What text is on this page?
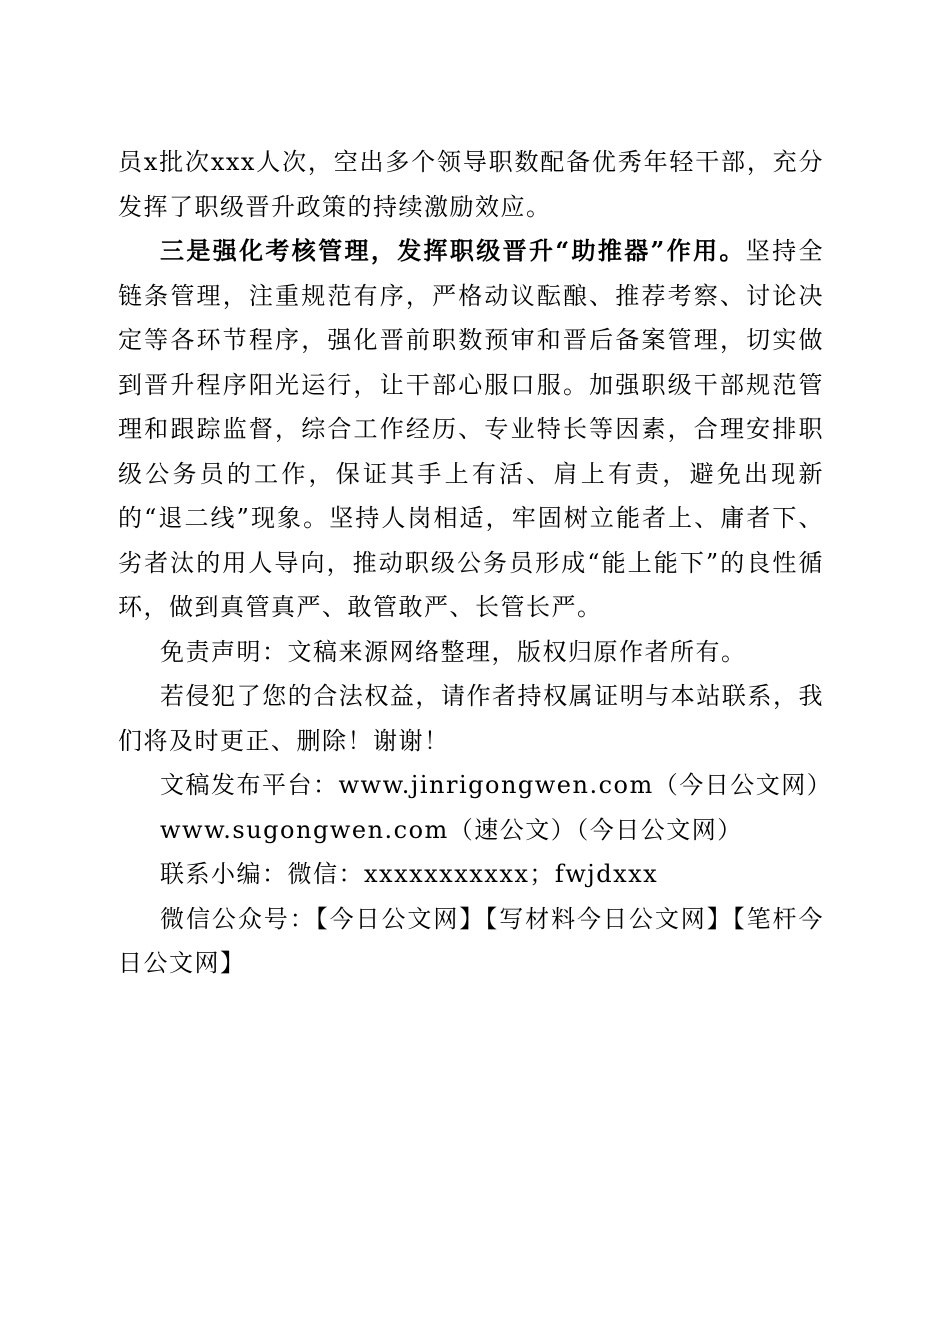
员x批次xxx人次，空出多个领导职数配备优秀年轻干部，充分发挥了职级晋升政策的持续激励效应。

三是强化考核管理，发挥职级晋升“助推器”作用。坚持全链条管理，注重规范有序，严格动议酝酿、推荐考察、讨论决定等各环节程序，强化晋前职数预审和晋后备案管理，切实做到晋升程序阳光运行，让干部心服口服。加强职级干部规范管理和跟踪监督，综合工作经历、专业特长等因素，合理安排职级公务员的工作，保证其手上有活、肩上有责，避免出现新的“退二线”现象。坚持人岗相适，牢固树立能者上、庸者下、劣者汰的用人导向，推动职级公务员形成“能上能下”的良性循环，做到真管真严、敢管敢严、长管长严。

免责声明：文稿来源网络整理，版权归原作者所有。

若侵犯了您的合法权益，请作者持权属证明与本站联系，我们将及时更正、删除！谢谢！

文稿发布平台：www.jinrigongwen.com（今日公文网）

www.sugongwen.com（速公文）（今日公文网）

联系小编：微信：xxxxxxxxxxx；fwjdxxx

微信公众号：【今日公文网】【写材料今日公文网】【笔杆今日公文网】
